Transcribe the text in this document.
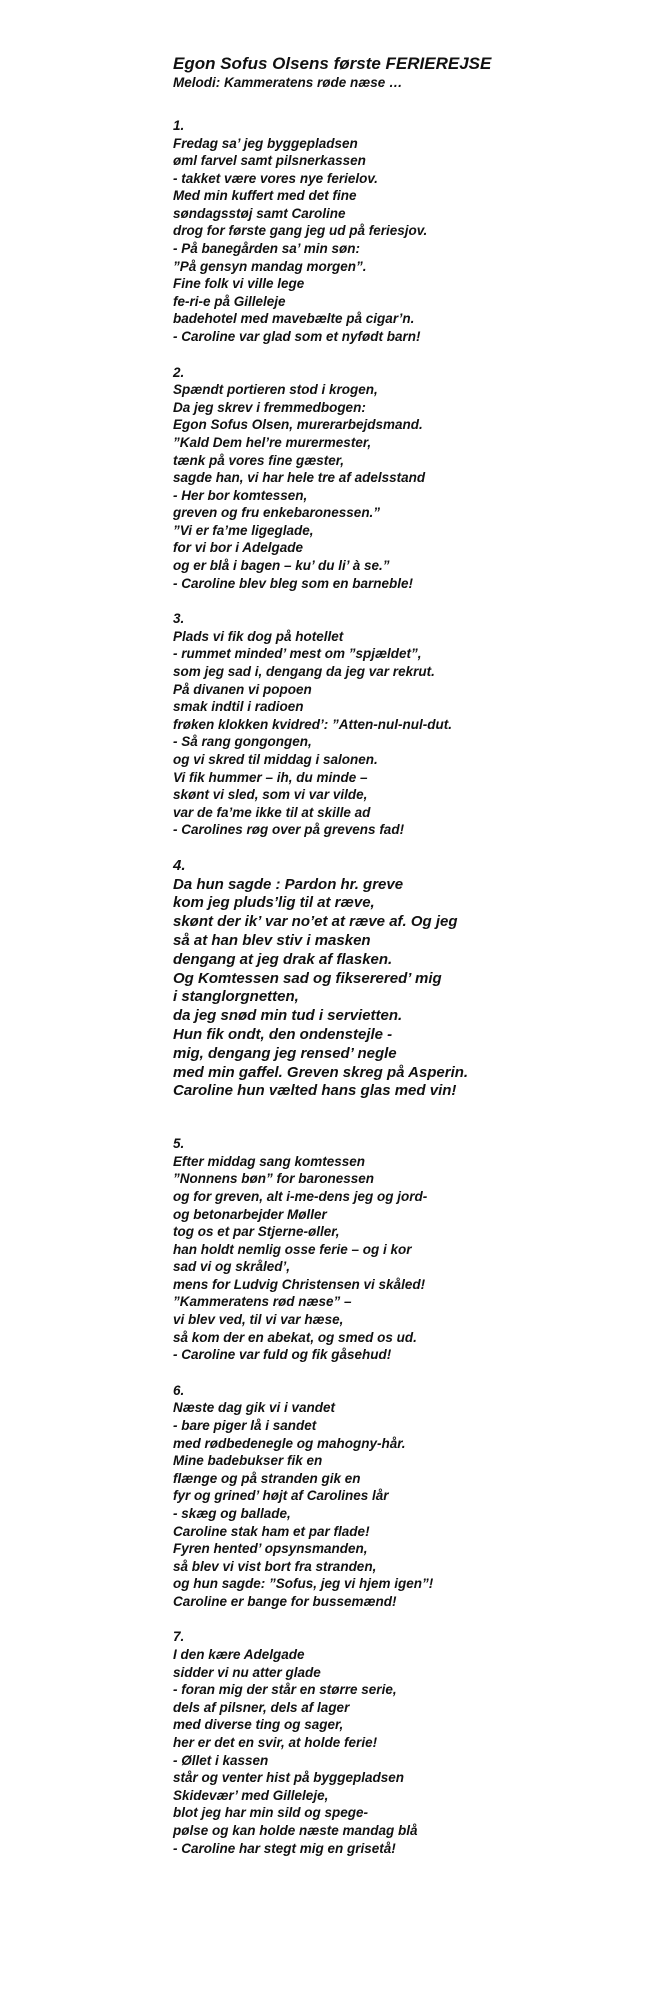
Egon Sofus Olsens første FERIEREJSE
Melodi: Kammeratens røde næse …
1.
Fredag sa’ jeg byggepladsen
øml farvel samt pilsnerkassen
- takket være vores nye ferielov.
Med min kuffert med det fine
søndagsstøj samt Caroline
drog for første gang jeg ud på feriesjov.
- På banegården sa’ min søn:
”På gensyn mandag morgen”.
Fine folk vi ville lege
fe-ri-e på Gilleleje
badehotel med mavebælte på cigar’n.
- Caroline var glad som et nyfødt barn!
2.
Spændt portieren stod i krogen,
Da jeg skrev i fremmedbogen:
Egon Sofus Olsen, murerarbejdsmand.
”Kald Dem hel’re murermester,
tænk på vores fine gæster,
sagde han, vi har hele tre af adelsstand
- Her bor komtessen,
greven og fru enkebaronessen.”
”Vi er fa’me ligeglade,
for vi bor i Adelgade
og er blå i bagen – ku’ du li’ à se.”
- Caroline blev bleg som en barneble!
3.
Plads vi fik dog på hotellet
- rummet minded’ mest om ”spjældet”,
som jeg sad i, dengang da jeg var rekrut.
På divanen vi popoen
smak indtil i radioen
frøken klokken kvidred’: ”Atten-nul-nul-dut.
- Så rang gongongen,
og vi skred til middag i salonen.
Vi fik hummer – ih, du minde –
skønt vi sled, som vi var vilde,
var de fa’me ikke til at skille ad
- Carolines røg over på grevens fad!
4.
Da hun sagde : Pardon hr. greve
kom jeg pluds’lig til at ræve,
skønt der ik’ var no’et at ræve af. Og jeg
så at han blev stiv i masken
dengang at jeg drak af flasken.
Og Komtessen sad og fikserered’ mig
i stanglorgnetten,
da jeg snød min tud i servietten.
Hun fik ondt, den ondenstejle -
mig, dengang jeg rensed’ negle
med min gaffel. Greven skreg på Asperin.
Caroline hun vælted hans glas med vin!
5.
Efter middag sang komtessen
”Nonnens bøn” for baronessen
og for greven, alt i-me-dens jeg og jord-
og betonarbejder Møller
tog os et par Stjerne-øller,
han holdt nemlig osse ferie – og i kor
sad vi og skråled’,
mens for Ludvig Christensen vi skåled!
”Kammeratens rød næse” –
vi blev ved, til vi var hæse,
så kom der en abekat, og smed os ud.
- Caroline var fuld og fik gåsehud!
6.
Næste dag gik vi i vandet
- bare piger lå i sandet
med rødbedenegle og mahogny-hår.
Mine badebukser fik en
flænge og på stranden gik en
fyr og grined’ højt af Carolines lår
- skæg og ballade,
Caroline stak ham et par flade!
Fyren hented’ opsynsmanden,
så blev vi vist bort fra stranden,
og hun sagde: ”Sofus, jeg vi hjem igen”!
Caroline er bange for bussemænd!
7.
I den kære Adelgade
sidder vi nu atter glade
- foran mig der står en større serie,
dels af pilsner, dels af lager
med diverse ting og sager,
her er det en svir, at holde ferie!
- Øllet i kassen
står og venter hist på byggepladsen
Skidevær’ med Gilleleje,
blot jeg har min sild og spege-
pølse og kan holde næste mandag blå
- Caroline har stegt mig en grisetå!
